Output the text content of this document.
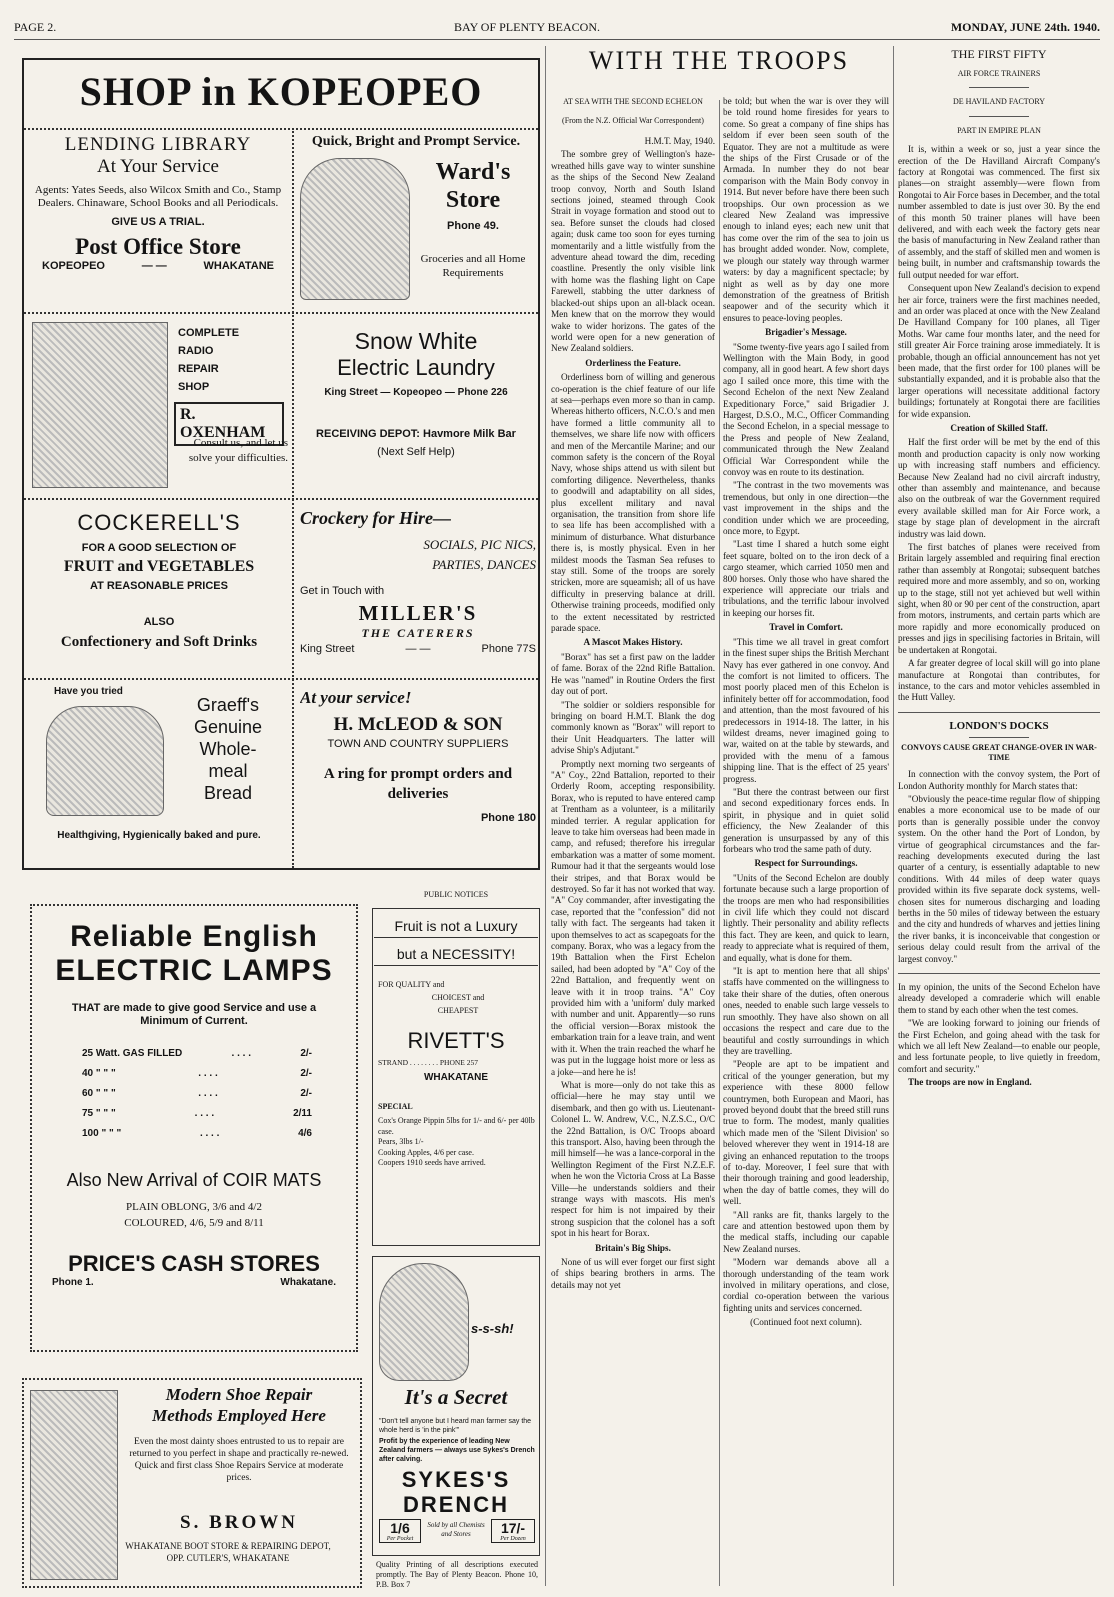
PAGE 2.	BAY OF PLENTY BEACON.	MONDAY, JUNE 24th. 1940.
SHOP in KOPEOPEO
LENDING LIBRARY
At Your Service
Agents: Yates Seeds, also Wilcox Smith and Co., Stamp Dealers. Chinaware, School Books and all Periodicals.
GIVE US A TRIAL.
Post Office Store
KOPEOPEO	— —	WHAKATANE
Quick, Bright and Prompt Service.
Ward's
Store
Phone 49.
Groceries and all Home Requirements
COMPLETE
RADIO
REPAIR
SHOP
R. OXENHAM
Consult us, and let us solve your difficulties.
Snow White
Electric Laundry
King Street — Kopeopeo — Phone 226
RECEIVING DEPOT: Havmore Milk Bar
(Next Self Help)
COCKERELL'S
FOR A GOOD SELECTION OF
FRUIT and VEGETABLES
AT REASONABLE PRICES
ALSO
Confectionery and Soft Drinks
Crockery for Hire—
SOCIALS, PIC NICS,
PARTIES, DANCES
Get in Touch with
MILLER'S
THE CATERERS
King Street	— —	Phone 77S
Have you tried
Graeff's
Genuine
Whole-
meal
Bread
Healthgiving, Hygienically baked and pure.
At your service!
H. McLEOD & SON
TOWN AND COUNTRY SUPPLIERS
A ring for prompt orders and deliveries
Phone 180
Reliable English
ELECTRIC LAMPS
THAT are made to give good Service and use a Minimum of Current.
25 Watt. GAS FILLED	. . . .	2/-
40 " " "	. . . .	2/-
60 " " "	. . . .	2/-
75 " " "	. . . .	2/11
100 " " "	. . . .	4/6
Also New Arrival of COIR MATS
PLAIN OBLONG, 3/6 and 4/2
COLOURED, 4/6, 5/9 and 8/11
PRICE'S CASH STORES
Phone 1.	Whakatane.
Modern Shoe Repair
Methods Employed Here
Even the most dainty shoes entrusted to us to repair are returned to you perfect in shape and practically re-newed. Quick and first class Shoe Repairs Service at moderate prices.
S. BROWN
WHAKATANE BOOT STORE & REPAIRING DEPOT,
OPP. CUTLER'S, WHAKATANE
PUBLIC NOTICES
Fruit is not a Luxury
but a NECESSITY!
FOR QUALITY and
CHOICEST and
CHEAPEST
RIVETT'S
STRAND . . . . . . . . PHONE 257
WHAKATANE
SPECIAL
Cox's Orange Pippin 5lbs for 1/- and 6/- per 40lb case.
Pears, 3lbs 1/-
Cooking Apples, 4/6 per case.
Coopers 1910 seeds have arrived.
s-s-sh!
It's a Secret
"Don't tell anyone but I heard man farmer say the whole herd is 'in the pink'"
Profit by the experience of leading New Zealand farmers — always use Sykes's Drench after calving.
SYKES'S
DRENCH
1/6
Per Pocket
Sold by all Chemists and Stores	17/-
Per Dozen
Quality Printing of all descriptions executed promptly. The Bay of Plenty Beacon. Phone 10, P.B. Box 7
WITH THE TROOPS
AT SEA WITH THE SECOND ECHELON
(From the N.Z. Official War Correspondent)
H.M.T. May, 1940.

The sombre grey of Wellington's haze-wreathed hills gave way to winter sunshine as the ships of the Second New Zealand troop convoy, North and South Island sections joined, steamed through Cook Strait in voyage formation and stood out to sea. Before sunset the clouds had closed again; dusk came too soon for eyes turning momentarily and a little wistfully from the adventure ahead toward the dim, receding coastline. Presently the only visible link with home was the flashing light on Cape Farewell, stabbing the utter darkness of blacked-out ships upon an all-black ocean. Men knew that on the morrow they would wake to wider horizons. The gates of the world were open for a new generation of New Zealand soldiers.

Orderliness the Feature.

Orderliness born of willing and generous co-operation is the chief feature of our life at sea—perhaps even more so than in camp. Whereas hitherto officers, N.C.O.'s and men have formed a little community all to themselves, we share life now with officers and men of the Mercantile Marine; and our common safety is the concern of the Royal Navy, whose ships attend us with silent but comforting diligence. Nevertheless, thanks to goodwill and adaptability on all sides, plus excellent military and naval organisation, the transition from shore life to sea life has been accomplished with a minimum of disturbance. What disturbance there is, is mostly physical. Even in her mildest moods the Tasman Sea refuses to stay still. Some of the troops are sorely stricken, more are squeamish; all of us have difficulty in preserving balance at drill. Otherwise training proceeds, modified only to the extent necessitated by restricted parade space.

A Mascot Makes History.

"Borax" has set a first paw on the ladder of fame. Borax of the 22nd Rifle Battalion. He was "named" in Routine Orders the first day out of port.

"The soldier or soldiers responsible for bringing on board H.M.T. Blank the dog commonly known as "Borax" will report to their Unit Headquarters. The latter will advise Ship's Adjutant."

Promptly next morning two sergeants of "A" Coy., 22nd Battalion, reported to their Orderly Room, accepting responsibility. Borax, who is reputed to have entered camp at Trentham as a volunteer, is a militarily minded terrier. A regular application for leave to take him overseas had been made in camp, and refused; therefore his irregular embarkation was a matter of some moment. Rumour had it that the sergeants would lose their stripes, and that Borax would be destroyed. So far it has not worked that way. "A" Coy commander, after investigating the case, reported that the "confession" did not tally with fact. The sergeants had taken it upon themselves to act as scapegoats for the company. Borax, who was a legacy from the 19th Battalion when the First Echelon sailed, had been adopted by "A" Coy of the 22nd Battalion, and frequently went on leave with it in troop trains. "A" Coy provided him with a 'uniform' duly marked with number and unit. Apparently—so runs the official version—Borax mistook the embarkation train for a leave train, and went with it. When the train reached the wharf he was put in the luggage hoist more or less as a joke—and here he is!

What is more—only do not take this as official—here he may stay until we disembark, and then go with us. Lieutenant-Colonel L. W. Andrew, V.C., N.Z.S.C., O/C the 22nd Battalion, is O/C Troops aboard this transport. Also, having been through the mill himself—he was a lance-corporal in the Wellington Regiment of the First N.Z.E.F. when he won the Victoria Cross at La Basse Ville—he understands soldiers and their strange ways with mascots. His men's respect for him is not impaired by their strong suspicion that the colonel has a soft spot in his heart for Borax.

Britain's Big Ships.

None of us will ever forget our first sight of ships bearing brothers in arms. The details may not yet

be told; but when the war is over they will be told round home firesides for years to come. So great a company of fine ships has seldom if ever been seen south of the Equator. They are not a multitude as were the ships of the First Crusade or of the Armada. In number they do not bear comparison with the Main Body convoy in 1914. But never before have there been such troopships. Our own procession as we cleared New Zealand was impressive enough to inland eyes; each new unit that has come over the rim of the sea to join us has brought added wonder. Now, complete, we plough our stately way through warmer waters: by day a magnificent spectacle; by night as well as by day one more demonstration of the greatness of British seapower and of the security which it ensures to peace-loving peoples.

Brigadier's Message.

"Some twenty-five years ago I sailed from Wellington with the Main Body, in good company, all in good heart. A few short days ago I sailed once more, this time with the Second Echelon of the next New Zealand Expeditionary Force," said Brigadier J. Hargest, D.S.O., M.C., Officer Commanding the Second Echelon, in a special message to the Press and people of New Zealand, communicated through the New Zealand Official War Correspondent while the convoy was en route to its destination.

"The contrast in the two movements was tremendous, but only in one direction—the vast improvement in the ships and the condition under which we are proceeding, once more, to Egypt.

"Last time I shared a hutch some eight feet square, bolted on to the iron deck of a cargo steamer, which carried 1050 men and 800 horses. Only those who have shared the experience will appreciate our trials and tribulations, and the terrific labour involved in keeping our horses fit.

Travel in Comfort.

"This time we all travel in great comfort in the finest super ships the British Merchant Navy has ever gathered in one convoy. And the comfort is not limited to officers. The most poorly placed men of this Echelon is infinitely better off for accommodation, food and attention, than the most favoured of his predecessors in 1914-18. The latter, in his wildest dreams, never imagined going to war, waited on at the table by stewards, and provided with the menu of a famous shipping line. That is the effect of 25 years' progress.

"But there the contrast between our first and second expeditionary forces ends. In spirit, in physique and in quiet solid efficiency, the New Zealander of this generation is unsurpassed by any of this forbears who trod the same path of duty.

Respect for Surroundings.

"Units of the Second Echelon are doubly fortunate because such a large proportion of the troops are men who had responsibilities in civil life which they could not discard lightly. Their personality and ability reflects this fact. They are keen, and quick to learn, ready to appreciate what is required of them, and equally, what is done for them.

"It is apt to mention here that all ships' staffs have commented on the willingness to take their share of the duties, often onerous ones, needed to enable such large vessels to run smoothly. They have also shown on all occasions the respect and care due to the beautiful and costly surroundings in which they are travelling.

"People are apt to be impatient and critical of the younger generation, but my experience with these 8000 fellow countrymen, both European and Maori, has proved beyond doubt that the breed still runs true to form. The modest, manly qualities which made men of the 'Silent Division' so beloved wherever they went in 1914-18 are giving an enhanced reputation to the troops of to-day. Moreover, I feel sure that with their thorough training and good leadership, when the day of battle comes, they will do well.

"All ranks are fit, thanks largely to the care and attention bestowed upon them by the medical staffs, including our capable New Zealand nurses.

"Modern war demands above all a thorough understanding of the team work involved in military operations, and close, cordial co-operation between the various fighting units and services concerned.

(Continued foot next column).

THE FIRST FIFTY
AIR FORCE TRAINERS
DE HAVILAND FACTORY
PART IN EMPIRE PLAN

It is, within a week or so, just a year since the erection of the De Havilland Aircraft Company's factory at Rongotai was commenced. The first six planes—on straight assembly—were flown from Rongotai to Air Force bases in December, and the total number assembled to date is just over 30. By the end of this month 50 trainer planes will have been delivered, and with each week the factory gets near the basis of manufacturing in New Zealand rather than of assembly, and the staff of skilled men and women is being built, in number and craftsmanship towards the full output needed for war effort.

Consequent upon New Zealand's decision to expend her air force, trainers were the first machines needed, and an order was placed at once with the New Zealand De Havilland Company for 100 planes, all Tiger Moths. War came four months later, and the need for still greater Air Force training arose immediately. It is probable, though an official announcement has not yet been made, that the first order for 100 planes will be substantially expanded, and it is probable also that the larger operations will necessitate additional factory buildings; fortunately at Rongotai there are facilities for wide expansion.

Creation of Skilled Staff.

Half the first order will be met by the end of this month and production capacity is only now working up with increasing staff numbers and efficiency. Because New Zealand had no civil aircraft industry, other than assembly and maintenance, and because also on the outbreak of war the Government required every available skilled man for Air Force work, a stage by stage plan of development in the aircraft industry was laid down.

The first batches of planes were received from Britain largely assembled and requiring final erection rather than assembly at Rongotai; subsequent batches required more and more assembly, and so on, working up to the stage, still not yet achieved but well within sight, when 80 or 90 per cent of the construction, apart from motors, instruments, and certain parts which are more rapidly and more economically produced on presses and jigs in specilising factories in Britain, will be undertaken at Rongotai.

A far greater degree of local skill will go into plane manufacture at Rongotai than contributes, for instance, to the cars and motor vehicles assembled in the Hutt Valley.

LONDON'S DOCKS
CONVOYS CAUSE GREAT CHANGE-OVER IN WAR-TIME

In connection with the convoy system, the Port of London Authority monthly for March states that:

"Obviously the peace-time regular flow of shipping enables a more economical use to be made of our ports than is generally possible under the convoy system. On the other hand the Port of London, by virtue of geographical circumstances and the far-reaching developments executed during the last quarter of a century, is essentially adaptable to new conditions. With 44 miles of deep water quays provided within its five separate dock systems, well-chosen sites for numerous discharging and loading berths in the 50 miles of tideway between the estuary and the city and hundreds of wharves and jetties lining the river banks, it is inconceivable that congestion or serious delay could result from the arrival of the largest convoy."

In my opinion, the units of the Second Echelon have already developed a comraderie which will enable them to stand by each other when the test comes.

"We are looking forward to joining our friends of the First Echelon, and going ahead with the task for which we all left New Zealand—to enable our people, and less fortunate people, to live quietly in freedom, comfort and security."

The troops are now in England.
